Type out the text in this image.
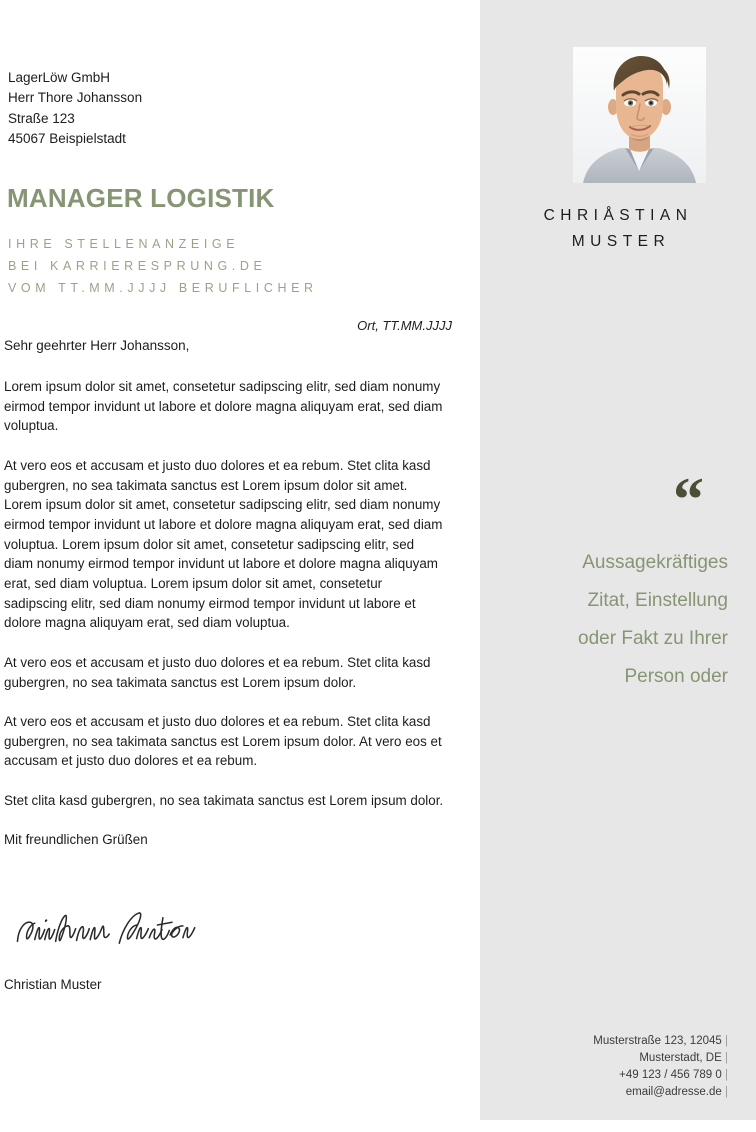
LagerLöw GmbH
Herr Thore Johansson
Straße 123
45067 Beispielstadt
MANAGER LOGISTIK
IHRE STELLENANZEIGE
BEI KARRIERESPRUNG.DE
VOM TT.MM.JJJJ BERUFLICHER
Ort, TT.MM.JJJJ
Sehr geehrter Herr Johansson,

Lorem ipsum dolor sit amet, consetetur sadipscing elitr, sed diam nonumy eirmod tempor invidunt ut labore et dolore magna aliquyam erat, sed diam voluptua.

At vero eos et accusam et justo duo dolores et ea rebum. Stet clita kasd gubergren, no sea takimata sanctus est Lorem ipsum dolor sit amet. Lorem ipsum dolor sit amet, consetetur sadipscing elitr, sed diam nonumy eirmod tempor invidunt ut labore et dolore magna aliquyam erat, sed diam voluptua. Lorem ipsum dolor sit amet, consetetur sadipscing elitr, sed diam nonumy eirmod tempor invidunt ut labore et dolore magna aliquyam erat, sed diam voluptua. Lorem ipsum dolor sit amet, consetetur sadipscing elitr, sed diam nonumy eirmod tempor invidunt ut labore et dolore magna aliquyam erat, sed diam voluptua.

At vero eos et accusam et justo duo dolores et ea rebum. Stet clita kasd gubergren, no sea takimata sanctus est Lorem ipsum dolor.

At vero eos et accusam et justo duo dolores et ea rebum. Stet clita kasd gubergren, no sea takimata sanctus est Lorem ipsum dolor. At vero eos et accusam et justo duo dolores et ea rebum.

Stet clita kasd gubergren, no sea takimata sanctus est Lorem ipsum dolor.

Mit freundlichen Grüßen

Christian Muster
CHRIÅSTIAN
MUSTER
“
Aussagekräftiges
Zitat, Einstellung
oder Fakt zu Ihrer
Person oder
Musterstraße 123, 12045 |
Musterstadt, DE |
+49 123 / 456 789 0 |
email@adresse.de |
